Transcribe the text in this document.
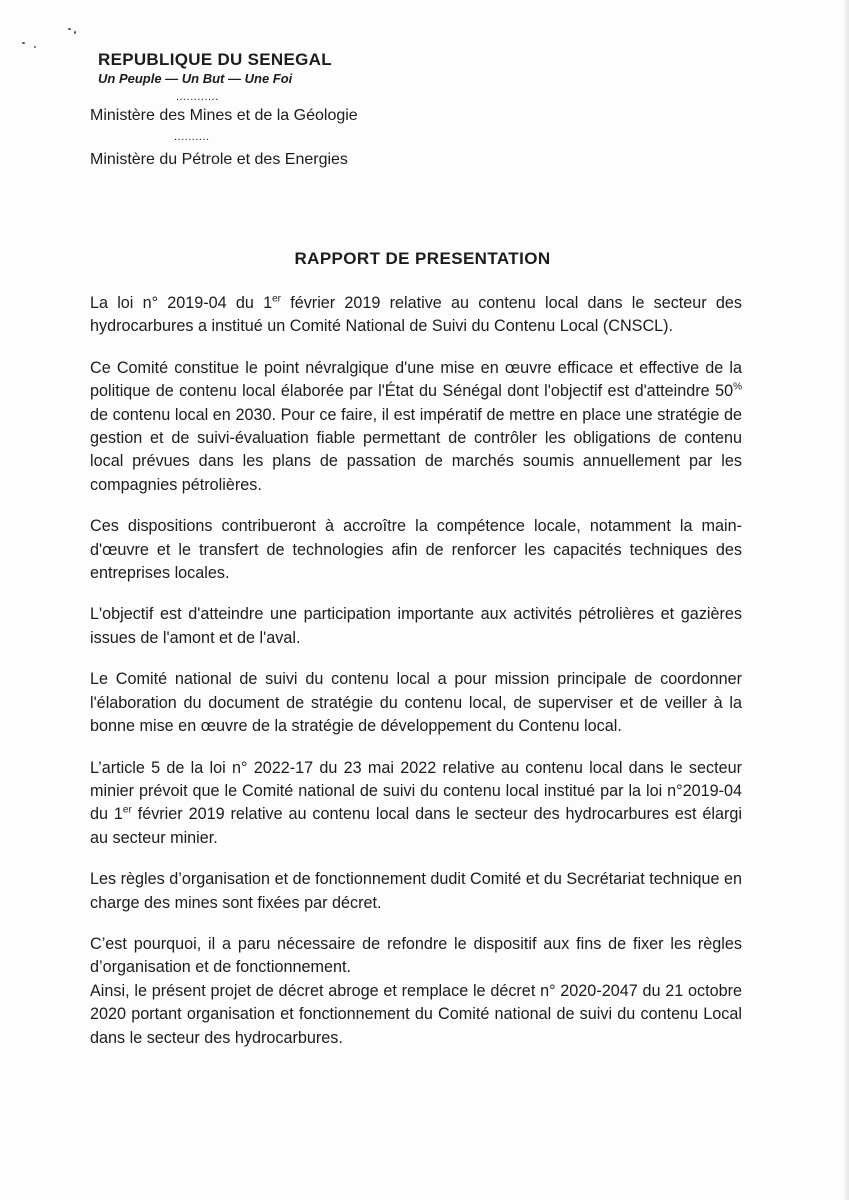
REPUBLIQUE DU SENEGAL
Un Peuple — Un But — Une Foi
............
Ministère des Mines et de la Géologie
..........
Ministère du Pétrole et des Energies
RAPPORT DE PRESENTATION

La loi n° 2019-04 du 1er février 2019 relative au contenu local dans le secteur des hydrocarbures a institué un Comité National de Suivi du Contenu Local (CNSCL).

Ce Comité constitue le point névralgique d'une mise en œuvre efficace et effective de la politique de contenu local élaborée par l'État du Sénégal dont l'objectif est d'atteindre 50% de contenu local en 2030. Pour ce faire, il est impératif de mettre en place une stratégie de gestion et de suivi-évaluation fiable permettant de contrôler les obligations de contenu local prévues dans les plans de passation de marchés soumis annuellement par les compagnies pétrolières.

Ces dispositions contribueront à accroître la compétence locale, notamment la main-d'œuvre et le transfert de technologies afin de renforcer les capacités techniques des entreprises locales.

L'objectif est d'atteindre une participation importante aux activités pétrolières et gazières issues de l'amont et de l'aval.

Le Comité national de suivi du contenu local a pour mission principale de coordonner l'élaboration du document de stratégie du contenu local, de superviser et de veiller à la bonne mise en œuvre de la stratégie de développement du Contenu local.

L’article 5 de la loi n° 2022-17 du 23 mai 2022 relative au contenu local dans le secteur minier prévoit que le Comité national de suivi du contenu local institué par la loi n°2019-04 du 1er février 2019 relative au contenu local dans le secteur des hydrocarbures est élargi au secteur minier.

Les règles d’organisation et de fonctionnement dudit Comité et du Secrétariat technique en charge des mines sont fixées par décret.

C’est pourquoi, il a paru nécessaire de refondre le dispositif aux fins de fixer les règles d’organisation et de fonctionnement.

Ainsi, le présent projet de décret abroge et remplace le décret n° 2020-2047 du 21 octobre 2020 portant organisation et fonctionnement du Comité national de suivi du contenu Local dans le secteur des hydrocarbures.
